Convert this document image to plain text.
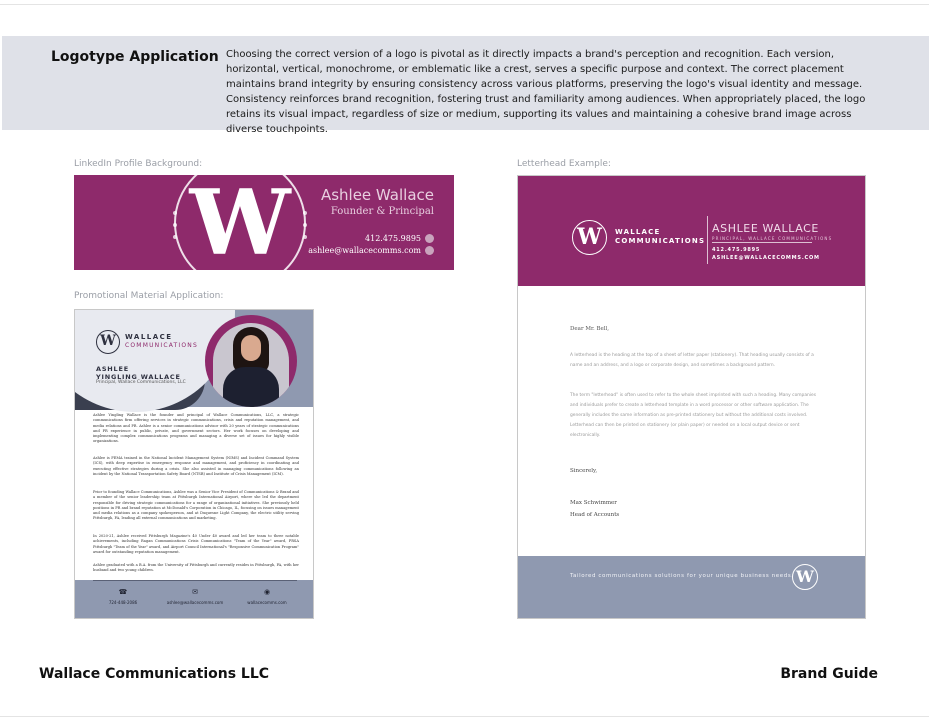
Logotype Application Choosing the correct version of a logo is pivotal as it directly impacts a brand's perception and recognition. Each version, horizontal, vertical, monochrome, or emblematic like a crest, serves a specific purpose and context. The correct placement maintains brand integrity by ensuring consistency across various platforms, preserving the logo's visual identity and message. Consistency reinforces brand recognition, fostering trust and familiarity among audiences. When appropriately placed, the logo retains its visual impact, regardless of size or medium, supporting its values and maintaining a cohesive brand image across diverse touchpoints.

LinkedIn Profile Background:
Promotional Material Application:
Letterhead Example:
W	Ashlee Wallace
Founder & Principal
412.475.9895
ashlee@wallacecomms.com
W	WALLACE
COMMUNICATIONS
ASHLEE
YINGLING WALLACE
Principal, Wallace Communications, LLC

Ashlee Yingling Wallace is the founder and principal of Wallace Communications, LLC, a strategic communications firm offering services in strategic communications, crisis and reputation management, and media relations and PR. Ashlee is a senior communications advisor with 20 years of strategic communications and PR experience in public, private, and government sectors. Her work focuses on developing and implementing complex communications programs and managing a diverse set of issues for highly visible organizations.

Ashlee is FEMA trained in the National Incident Management System (NIMS) and Incident Command System (ICS), with deep expertise in emergency response and management, and proficiency in coordinating and executing effective strategies during a crisis. She also assisted in managing communications following an incident by the National Transportation Safety Board (NTSB) and Institute of Crisis Management (ICM).

Prior to founding Wallace Communications, Ashlee was a Senior Vice President of Communications & Brand and a member of the senior leadership team at Pittsburgh International Airport, where she led the department responsible for driving strategic communications for a range of organizational initiatives. She previously held positions in PR and brand reputation at McDonald's Corporation in Chicago, IL, focusing on issues management and media relations as a company spokesperson, and at Duquesne Light Company, the electric utility serving Pittsburgh, PA, leading all external communications and marketing.

In 2020-21, Ashlee received Pittsburgh Magazine's 40 Under 40 award and led her team to three notable achievements, including Ragan Communications Crisis Communications "Team of the Year" award, PRSA Pittsburgh "Team of the Year" award, and Airport Council International's "Responsive Communication Program" award for outstanding reputation management.

Ashlee graduated with a B.A. from the University of Pittsburgh and currently resides in Pittsburgh, PA, with her husband and two young children.

☎
724-448-2086
✉
ashlee@wallacecomms.com
◉
wallacecomms.com
W	WALLACE
COMMUNICATIONS
ASHLEE WALLACE
PRINCIPAL, WALLACE COMMUNICATIONS
412.475.9895
ASHLEE@WALLACECOMMS.COM
Dear Mr. Bell,

A letterhead is the heading at the top of a sheet of letter paper (stationery). That heading usually consists of a name and an address, and a logo or corporate design, and sometimes a background pattern.

The term "letterhead" is often used to refer to the whole sheet imprinted with such a heading. Many companies and individuals prefer to create a letterhead template in a word processor or other software application. The generally includes the same information as pre-printed stationery but without the additional costs involved. Letterhead can then be printed on stationery (or plain paper) or needed on a local output device or sent electronically.

Sincerely,
Max Schwimmer
Head of Accounts
Tailored communications solutions for your unique business needs. W
Wallace Communications LLC	Brand Guide
